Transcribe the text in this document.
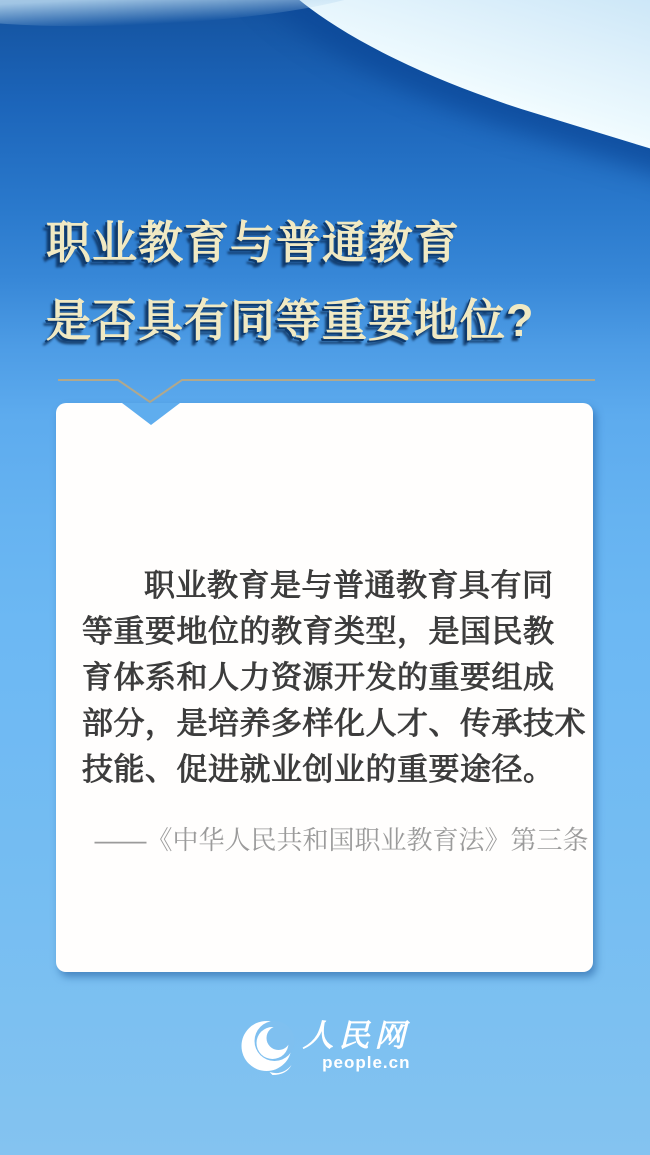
职业教育与普通教育
是否具有同等重要地位?
职业教育是与普通教育具有同
等重要地位的教育类型，是国民教
育体系和人力资源开发的重要组成
部分，是培养多样化人才、传承技术
技能、促进就业创业的重要途径。
——《中华人民共和国职业教育法》第三条
人民网
people.cn
